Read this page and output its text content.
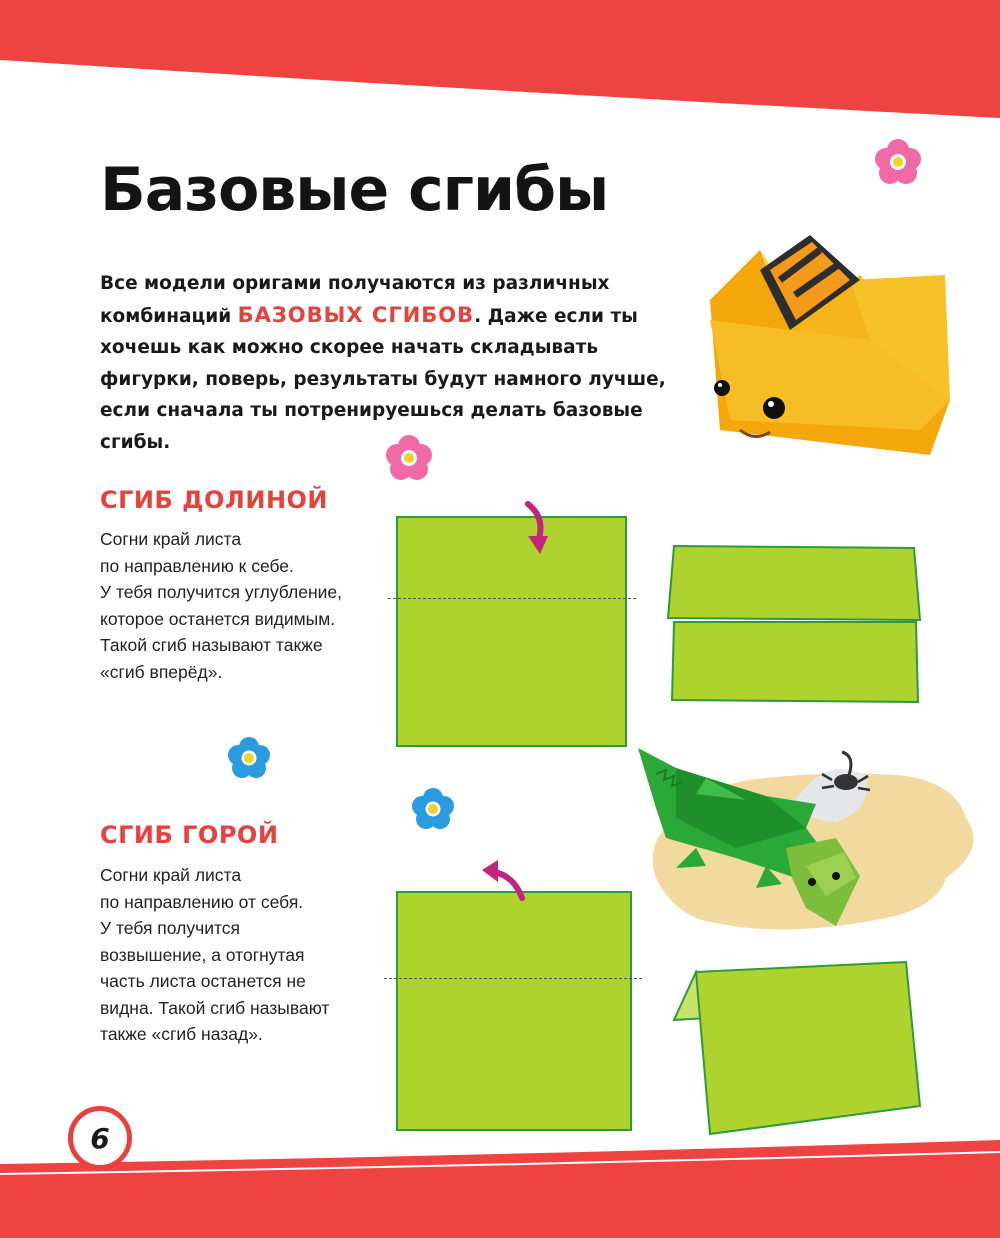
Базовые сгибы

Все модели оригами получаются из различных комбинаций БАЗОВЫХ СГИБОВ. Даже если ты хочешь как можно скорее начать складывать фигурки, поверь, результаты будут намного лучше, если сначала ты потренируешься делать базовые сгибы.

СГИБ ДОЛИНОЙ

Согни край листа
по направлению к себе.
У тебя получится углубление,
которое останется видимым.
Такой сгиб называют также
«сгиб вперёд».

СГИБ ГОРОЙ

Согни край листа
по направлению от себя.
У тебя получится
возвышение, а отогнутая
часть листа останется не
видна. Такой сгиб называют
также «сгиб назад».

6
